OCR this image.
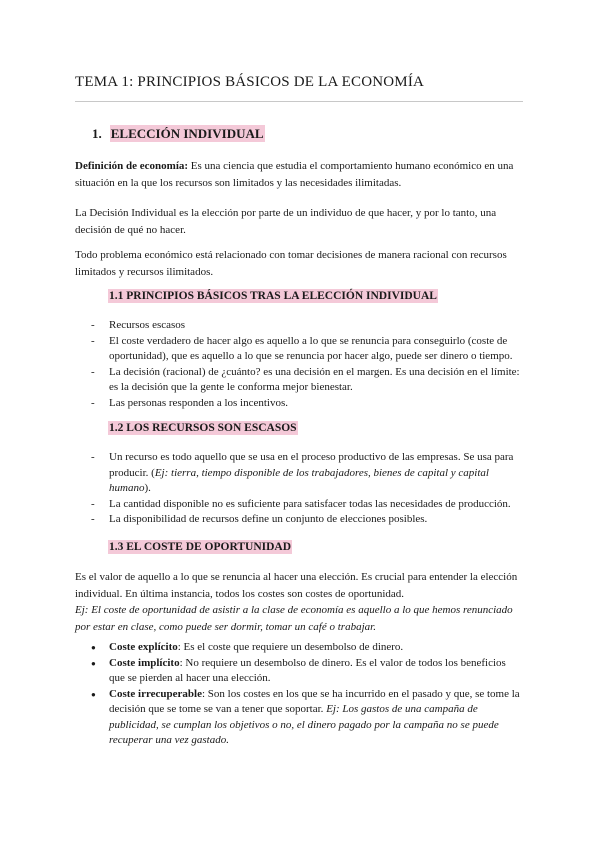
TEMA 1: PRINCIPIOS BÁSICOS DE LA ECONOMÍA
1. ELECCIÓN INDIVIDUAL

Definición de economía: Es una ciencia que estudia el comportamiento humano económico en una situación en la que los recursos son limitados y las necesidades ilimitadas.

La Decisión Individual es la elección por parte de un individuo de que hacer, y por lo tanto, una decisión de qué no hacer.

Todo problema económico está relacionado con tomar decisiones de manera racional con recursos limitados y recursos ilimitados.

1.1 PRINCIPIOS BÁSICOS TRAS LA ELECCIÓN INDIVIDUAL
- Recursos escasos
- El coste verdadero de hacer algo es aquello a lo que se renuncia para conseguirlo (coste de oportunidad), que es aquello a lo que se renuncia por hacer algo, puede ser dinero o tiempo.
- La decisión (racional) de ¿cuánto? es una decisión en el margen. Es una decisión en el límite: es la decisión que la gente le conforma mejor bienestar.
- Las personas responden a los incentivos.
1.2 LOS RECURSOS SON ESCASOS
- Un recurso es todo aquello que se usa en el proceso productivo de las empresas. Se usa para producir. (Ej: tierra, tiempo disponible de los trabajadores, bienes de capital y capital humano).
- La cantidad disponible no es suficiente para satisfacer todas las necesidades de producción.
- La disponibilidad de recursos define un conjunto de elecciones posibles.
1.3 EL COSTE DE OPORTUNIDAD

Es el valor de aquello a lo que se renuncia al hacer una elección. Es crucial para entender la elección individual. En última instancia, todos los costes son costes de oportunidad.
Ej: El coste de oportunidad de asistir a la clase de economía es aquello a lo que hemos renunciado por estar en clase, como puede ser dormir, tomar un café o trabajar.

● Coste explícito: Es el coste que requiere un desembolso de dinero.
● Coste implícito: No requiere un desembolso de dinero. Es el valor de todos los beneficios que se pierden al hacer una elección.
● Coste irrecuperable: Son los costes en los que se ha incurrido en el pasado y que, se tome la decisión que se tome se van a tener que soportar. Ej: Los gastos de una campaña de publicidad, se cumplan los objetivos o no, el dinero pagado por la campaña no se puede recuperar una vez gastado.
